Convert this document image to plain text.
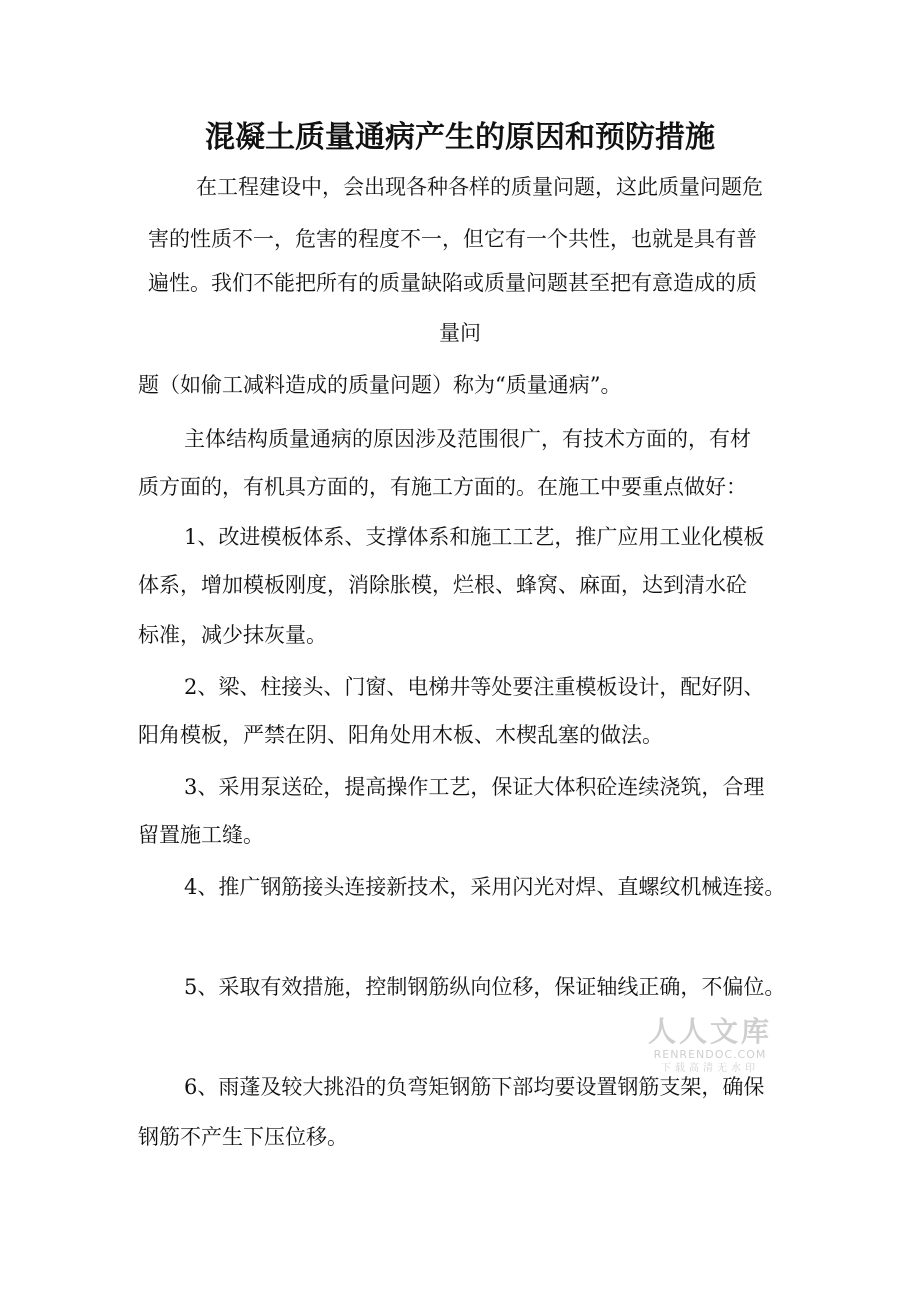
混凝土质量通病产生的原因和预防措施
在工程建设中，会出现各种各样的质量问题，这此质量问题危
害的性质不一，危害的程度不一，但它有一个共性，也就是具有普
遍性。我们不能把所有的质量缺陷或质量问题甚至把有意造成的质
量问
题（如偷工减料造成的质量问题）称为“质量通病”。
主体结构质量通病的原因涉及范围很广，有技术方面的，有材
质方面的，有机具方面的，有施工方面的。在施工中要重点做好：
1、改进模板体系、支撑体系和施工工艺，推广应用工业化模板
体系，增加模板刚度，消除胀模，烂根、蜂窝、麻面，达到清水砼
标准，减少抹灰量。
2、梁、柱接头、门窗、电梯井等处要注重模板设计，配好阴、
阳角模板，严禁在阴、阳角处用木板、木楔乱塞的做法。
3、采用泵送砼，提高操作工艺，保证大体积砼连续浇筑，合理
留置施工缝。
4、推广钢筋接头连接新技术，采用闪光对焊、直螺纹机械连接。
5、采取有效措施，控制钢筋纵向位移，保证轴线正确，不偏位。
人人文库
RENRENDOC.COM
下载高清无水印
6、雨蓬及较大挑沿的负弯矩钢筋下部均要设置钢筋支架，确保
钢筋不产生下压位移。
